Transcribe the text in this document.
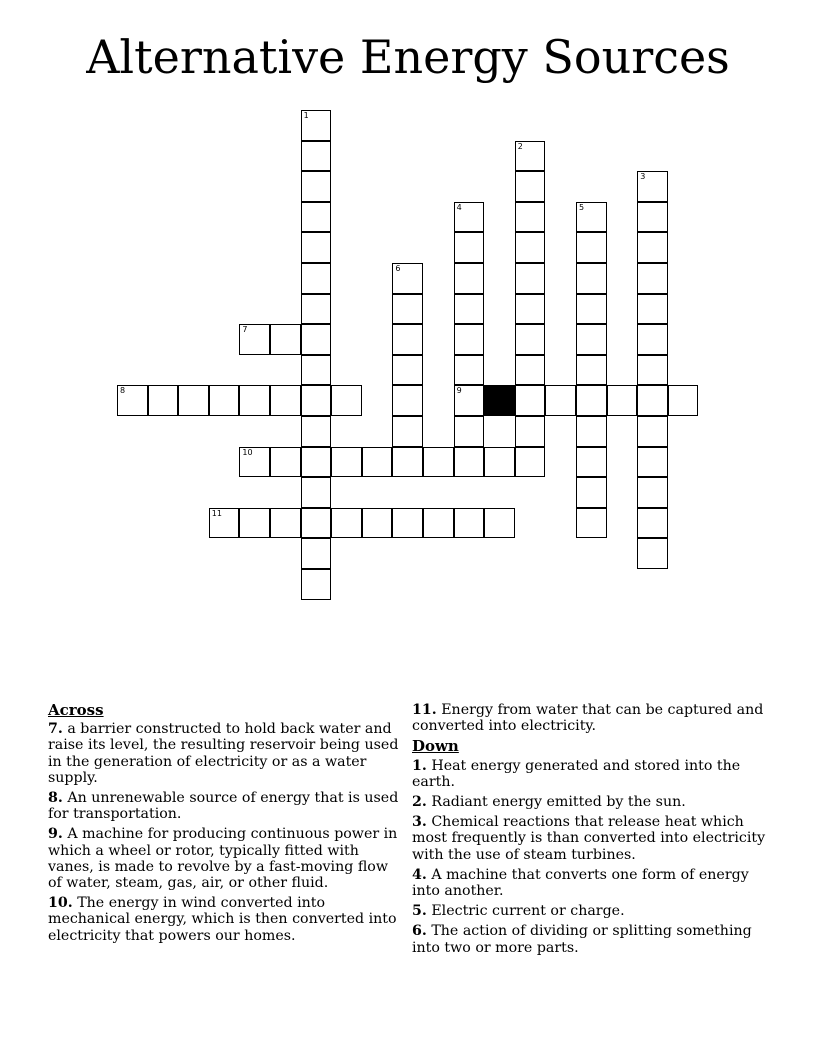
Alternative Energy Sources
1
2
3
4
9
5
6
7
8
10
11
Across
7. a barrier constructed to hold back water and raise its level, the resulting reservoir being used in the generation of electricity or as a water supply.
8. An unrenewable source of energy that is used for transportation.
9. A machine for producing continuous power in which a wheel or rotor, typically fitted with vanes, is made to revolve by a fast-moving flow of water, steam, gas, air, or other fluid.
10. The energy in wind converted into mechanical energy, which is then converted into electricity that powers our homes.
11. Energy from water that can be captured and converted into electricity.
Down
1. Heat energy generated and stored into the earth.
2. Radiant energy emitted by the sun.
3. Chemical reactions that release heat which most frequently is than converted into electricity with the use of steam turbines.
4. A machine that converts one form of energy into another.
5. Electric current or charge.
6. The action of dividing or splitting something into two or more parts.
